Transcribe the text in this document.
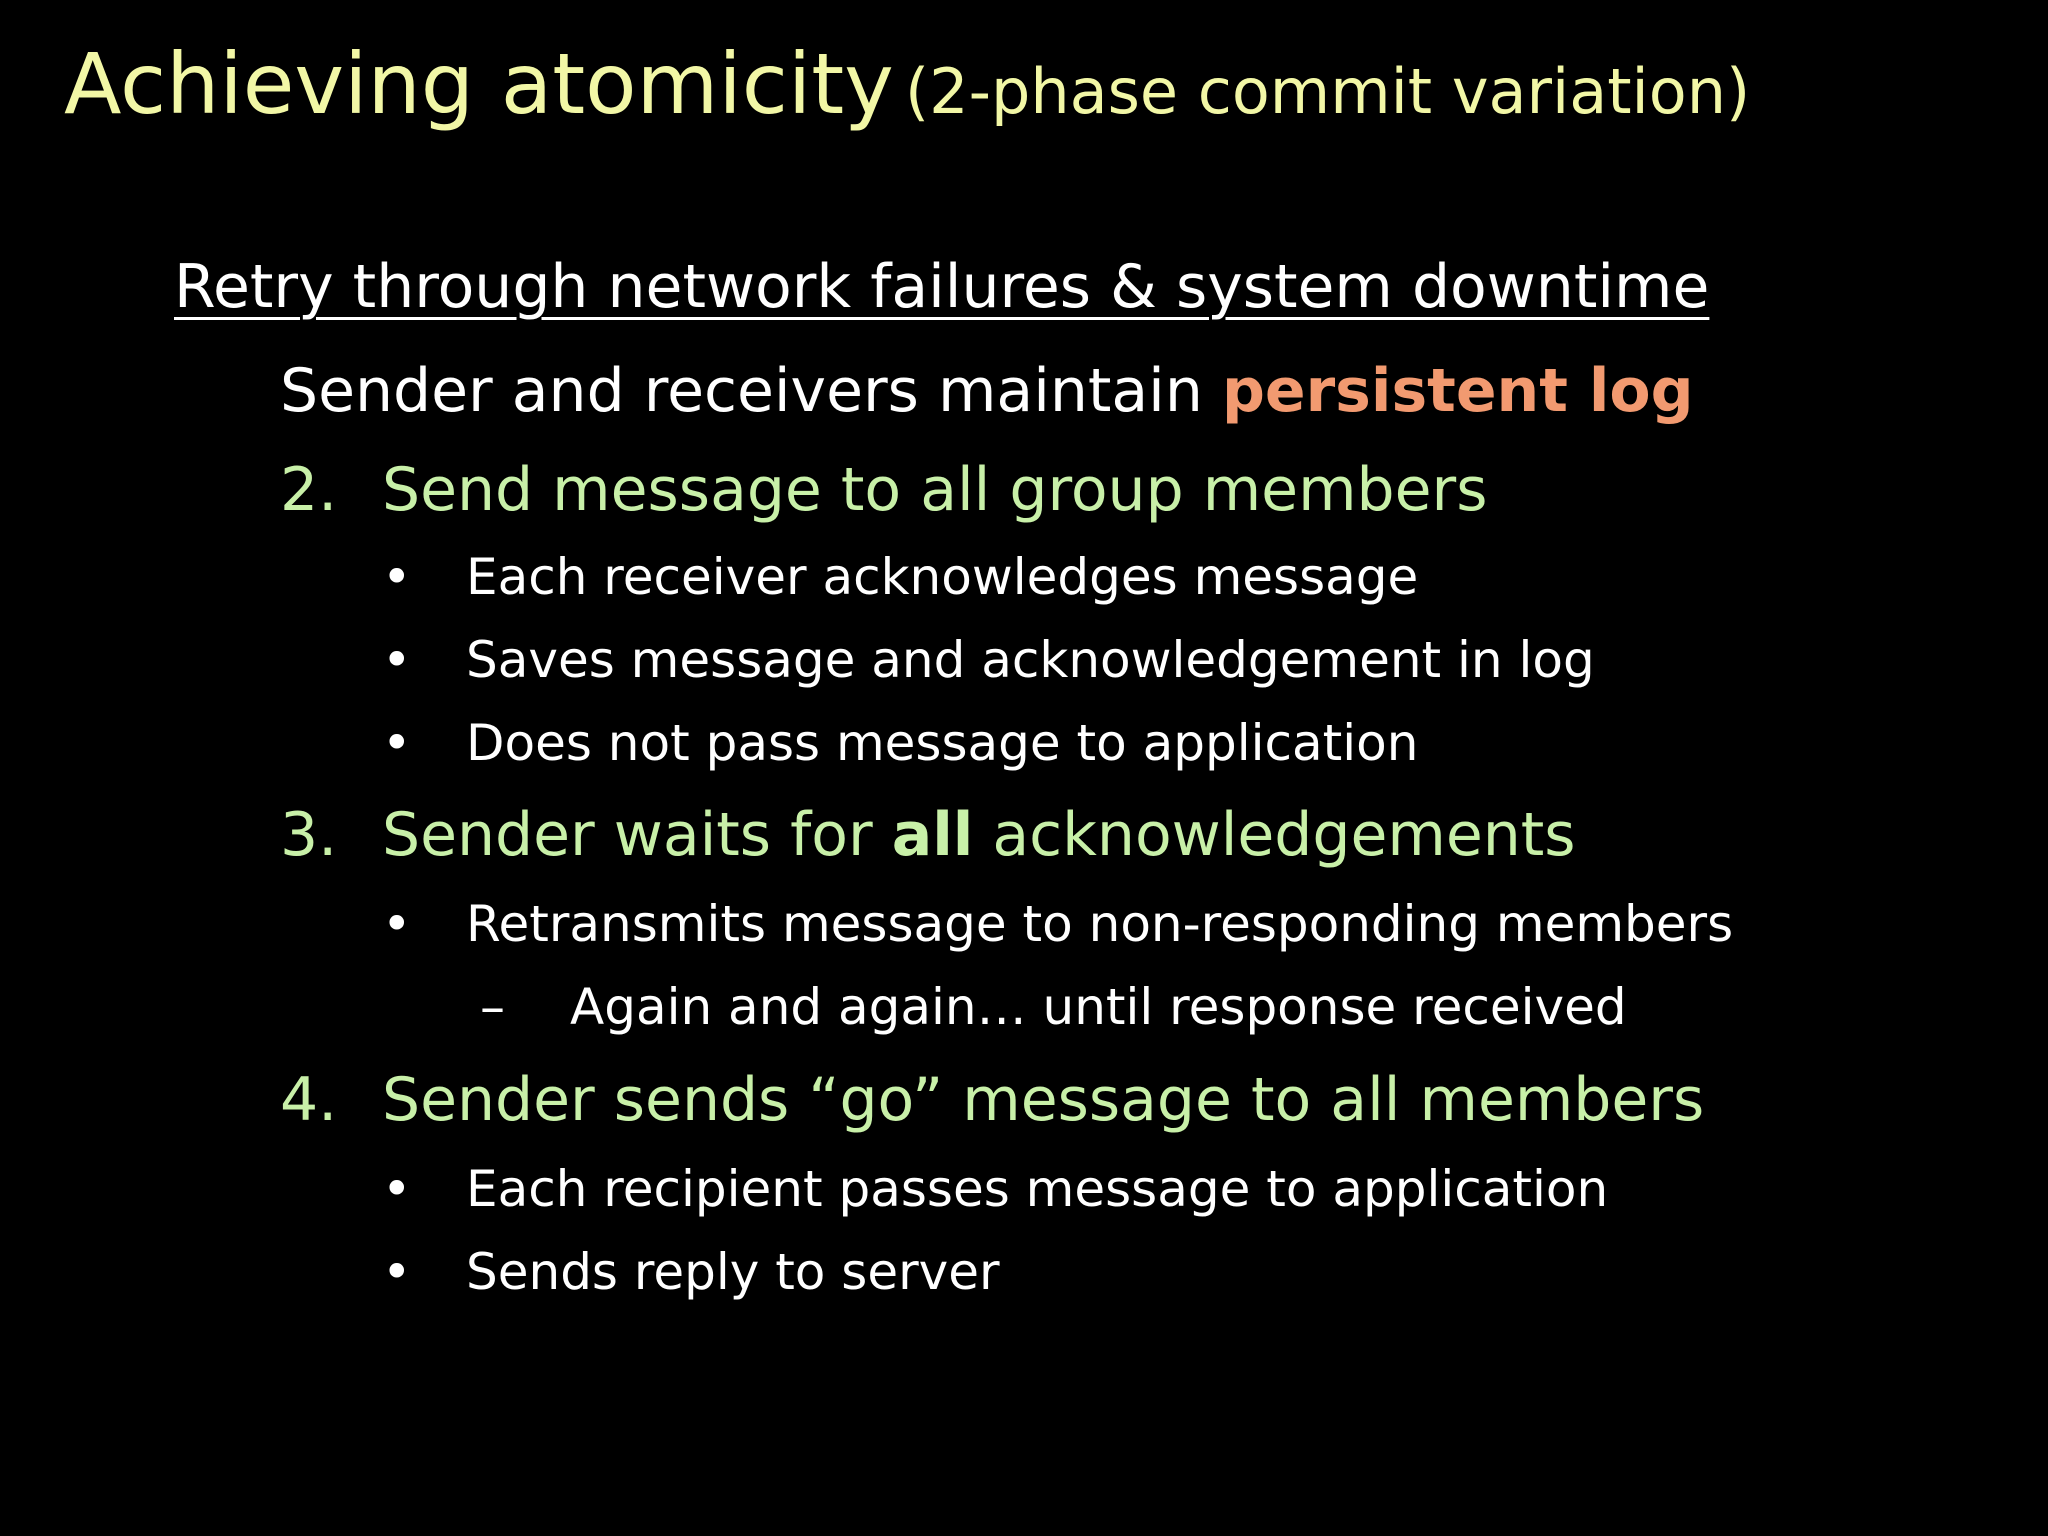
Achieving atomicity (2-phase commit variation)
Retry through network failures & system downtime
Sender and receivers maintain persistent log
2. Send message to all group members
• Each receiver acknowledges message
• Saves message and acknowledgement in log
• Does not pass message to application
3. Sender waits for all acknowledgements
• Retransmits message to non-responding members
– Again and again… until response received
4. Sender sends “go” message to all members
• Each recipient passes message to application
• Sends reply to server
